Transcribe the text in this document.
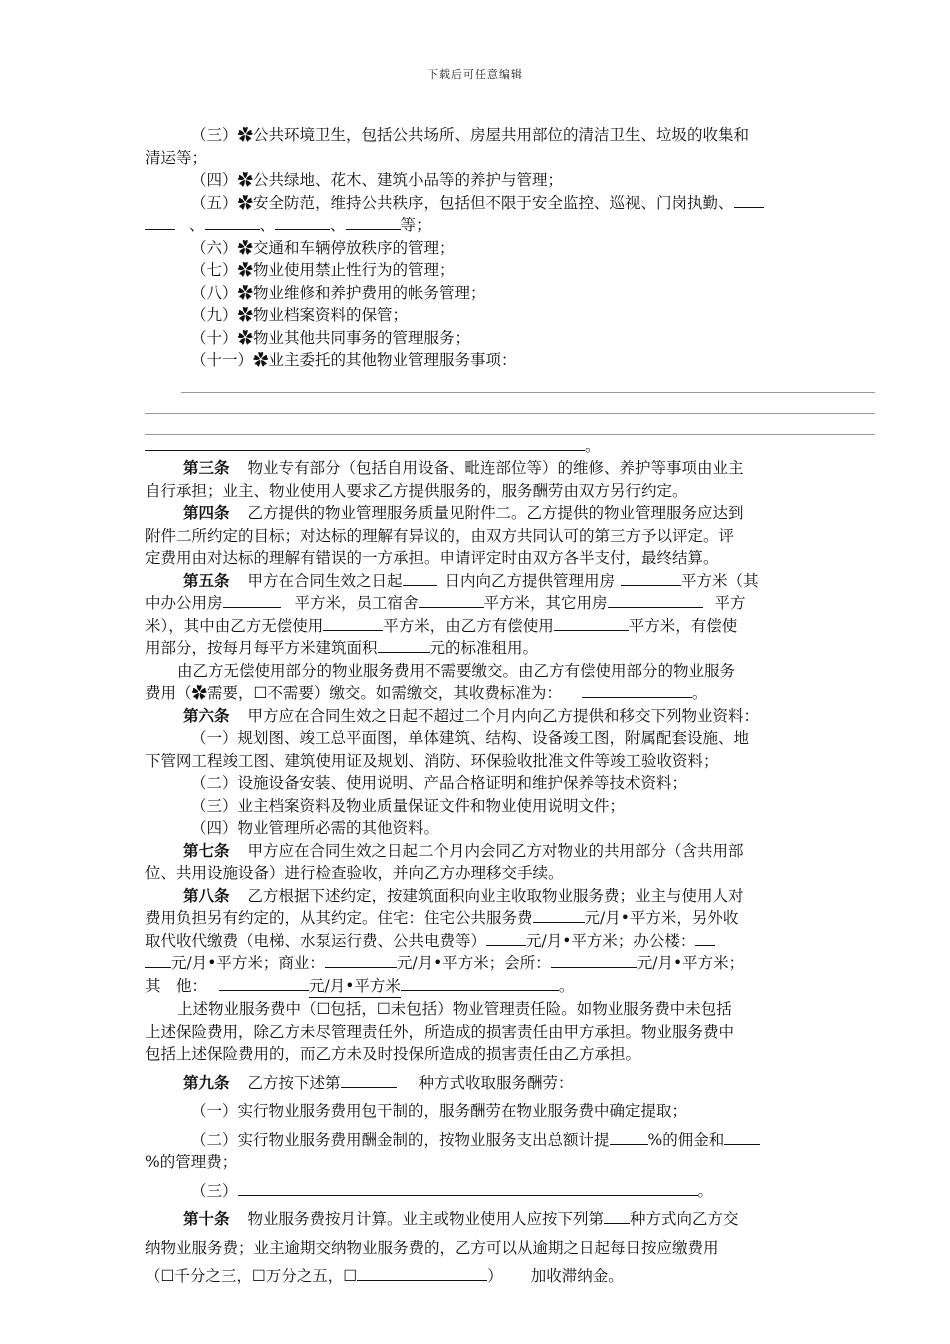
下载后可任意编辑

（三）✿公共环境卫生，包括公共场所、房屋共用部位的清洁卫生、垃圾的收集和

清运等；

（四）✿公共绿地、花木、建筑小品等的养护与管理；

（五）✿安全防范，维持公共秩序，包括但不限于安全监控、巡视、门岗执勤、

、	、	、	等；

（六）✿交通和车辆停放秩序的管理；

（七）✿物业使用禁止性行为的管理；

（八）✿物业维修和养护费用的帐务管理；

（九）✿物业档案资料的保管；

（十）✿物业其他共同事务的管理服务；

（十一）✿业主委托的其他物业管理服务事项：

。

第三条 物业专有部分（包括自用设备、毗连部位等）的维修、养护等事项由业主

自行承担；业主、物业使用人要求乙方提供服务的，服务酬劳由双方另行约定。

第四条 乙方提供的物业管理服务质量见附件二。乙方提供的物业管理服务应达到

附件二所约定的目标；对达标的理解有异议的，由双方共同认可的第三方予以评定。评

定费用由对达标的理解有错误的一方承担。申请评定时由双方各半支付，最终结算。

第五条 甲方在合同生效之日起	日内向乙方提供管理用房	平方米（其

中办公用房	平方米，员工宿舍	平方米，其它用房	平方

米），其中由乙方无偿使用	平方米，由乙方有偿使用	平方米，有偿使

用部分，按每月每平方米建筑面积	元的标准租用。

由乙方无偿使用部分的物业服务费用不需要缴交。由乙方有偿使用部分的物业服务

费用（✿需要，☐不需要）缴交。如需缴交，其收费标准为：	。

第六条 甲方应在合同生效之日起不超过二个月内向乙方提供和移交下列物业资料：

（一）规划图、竣工总平面图，单体建筑、结构、设备竣工图，附属配套设施、地

下管网工程竣工图、建筑使用证及规划、消防、环保验收批准文件等竣工验收资料；

（二）设施设备安装、使用说明、产品合格证明和维护保养等技术资料；

（三）业主档案资料及物业质量保证文件和物业使用说明文件；

（四）物业管理所必需的其他资料。

第七条 甲方应在合同生效之日起二个月内会同乙方对物业的共用部分（含共用部

位、共用设施设备）进行检查验收，并向乙方办理移交手续。

第八条 乙方根据下述约定，按建筑面积向业主收取物业服务费；业主与使用人对

费用负担另有约定的，从其约定。住宅：住宅公共服务费	元/月•平方米，另外收

取代收代缴费（电梯、水泵运行费、公共电费等）	元/月•平方米；办公楼：

元/月•平方米；商业：	元/月•平方米；会所：	元/月•平方米；

其　他：	元/月•平方米	。

上述物业服务费中（☐包括，☐未包括）物业管理责任险。如物业服务费中未包括

上述保险费用，除乙方未尽管理责任外，所造成的损害责任由甲方承担。物业服务费中

包括上述保险费用的，而乙方未及时投保所造成的损害责任由乙方承担。

第九条 乙方按下述第	种方式收取服务酬劳：

（一）实行物业服务费用包干制的，服务酬劳在物业服务费中确定提取；

（二）实行物业服务费用酬金制的，按物业服务支出总额计提 %的佣金和

%的管理费；

（三）	。

第十条 物业服务费按月计算。业主或物业使用人应按下列第 种方式向乙方交

纳物业服务费；业主逾期交纳物业服务费的，乙方可以从逾期之日起每日按应缴费用

（☐千分之三，☐万分之五，☐	） 加收滞纳金。
